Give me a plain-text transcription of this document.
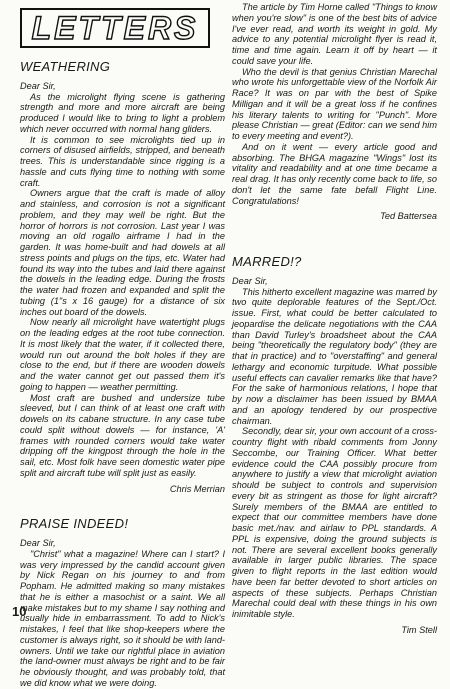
LETTERS
WEATHERING

Dear Sir,

As the microlight flying scene is gathering strength and more and more aircraft are being produced I would like to bring to light a problem which never occurred with normal hang gliders.

It is common to see microlights tied up in corners of disused airfields, stripped, and beneath trees. This is understandable since rigging is a hassle and cuts flying time to nothing with some craft.

Owners argue that the craft is made of alloy and stainless, and corrosion is not a significant problem, and they may well be right. But the horror of horrors is not corrosion. Last year I was moving an old rogallo airframe I had in the garden. It was home-built and had dowels at all stress points and plugs on the tips, etc. Water had found its way into the tubes and laid there against the dowels in the leading edge. During the frosts the water had frozen and expanded and split the tubing (1"s x 16 gauge) for a distance of six inches out board of the dowels.

Now nearly all microlight have watertight plugs on the leading edges at the root tube connection. It is most likely that the water, if it collected there, would run out around the bolt holes if they are close to the end, but if there are wooden dowels and the water cannot get out passed them it's going to happen — weather permitting.

Most craft are bushed and undersize tube sleeved, but I can think of at least one craft with dowels on its cabane structure. In any case tube could split without dowels — for instance, 'A' frames with rounded corners would take water dripping off the kingpost through the hole in the sail, etc. Most folk have seen domestic water pipe split and aircraft tube will split just as easily.

Chris Merrian

PRAISE INDEED!

Dear Sir,

"Christ" what a magazine! Where can I start? I was very impressed by the candid account given by Nick Regan on his journey to and from Popham. He admitted making so many mistakes that he is either a masochist or a saint. We all make mistakes but to my shame I say nothing and usually hide in embarrassment. To add to Nick's mistakes, I feel that like shop-keepers where the customer is always right, so it should be with land-owners. Until we take our rightful place in aviation the land-owner must always be right and to be fair he obviously thought, and was probably told, that we did know what we were doing.

The article by Tim Horne called "Things to know when you're slow" is one of the best bits of advice I've ever read, and worth its weight in gold. My advice to any potential microlight flyer is read it, time and time again. Learn it off by heart — it could save your life.

Who the devil is that genius Christian Marechal who wrote his unforgettable view of the Norfolk Air Race? It was on par with the best of Spike Milligan and it will be a great loss if he confines his literary talents to writing for "Punch". More please Christian — great (Editor: can we send him to every meeting and event?).

And on it went — every article good and absorbing. The BHGA magazine "Wings" lost its vitality and readability and at one time became a real drag. It has only recently come back to life, so don't let the same fate befall Flight Line. Congratulations!

Ted Battersea

MARRED!?

Dear Sir,

This hitherto excellent magazine was marred by two quite deplorable features of the Sept./Oct. issue. First, what could be better calculated to jeopardise the delicate negotiations with the CAA than David Turley's broadsheet about the CAA being "theoretically the regulatory body" (they are that in practice) and to "overstaffing" and general lethargy and economic turpitude. What possible useful effects can cavalier remarks like that have? For the sake of harmonious relations, I hope that by now a disclaimer has been issued by BMAA and an apology tendered by our prospective chairman.

Secondly, dear sir, your own account of a cross-country flight with ribald comments from Jonny Seccombe, our Training Officer. What better evidence could the CAA possibly procure from anywhere to justify a view that microlight aviation should be subject to controls and supervision every bit as stringent as those for light aircraft? Surely members of the BMAA are entitled to expect that our committee members have done basic met./nav. and airlaw to PPL standards. A PPL is expensive, doing the ground subjects is not. There are several excellent books generally available in larger public libraries. The space given to flight reports in the last edition would have been far better devoted to short articles on aspects of these subjects. Perhaps Christian Marechal could deal with these things in his own inimitable style.

Tim Stell

10
